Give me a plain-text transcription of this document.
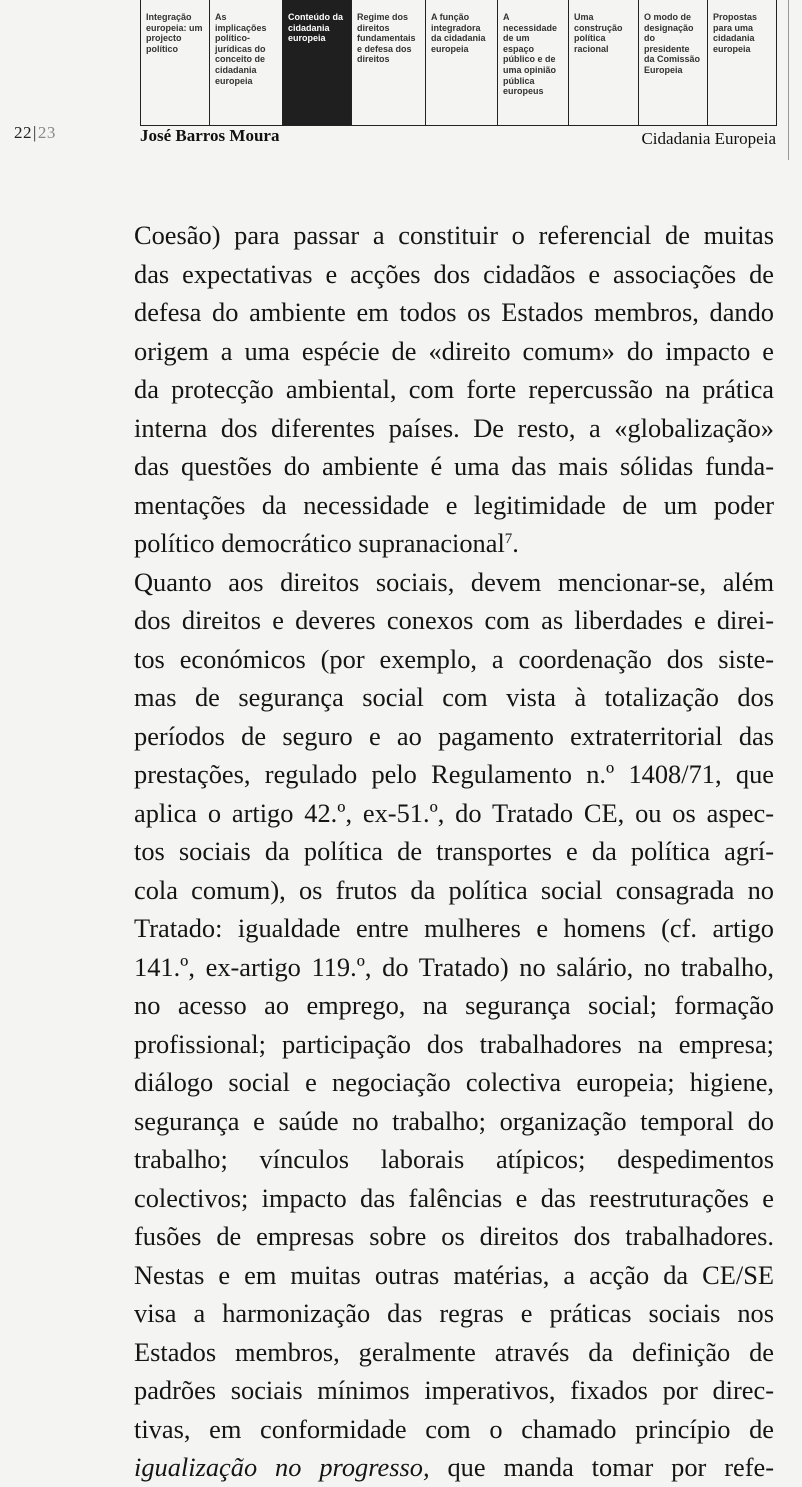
Integração
europeia: um
projecto
político
As
implicações
político-
jurídicas do
conceito de
cidadania
europeia
Conteúdo da
cidadania
europeia
Regime dos
direitos
fundamentais
e defesa dos
direitos
A função
integradora
da cidadania
europeia
A
necessidade
de um
espaço
público e de
uma opinião
pública
europeus
Uma
construção
política
racional
O modo de
designação
do
presidente
da Comissão
Europeia
Propostas
para uma
cidadania
europeia
22|23	José Barros Moura	Cidadania Europeia
Coesão) para passar a constituir o referencial de muitas
das expectativas e acções dos cidadãos e associações de
defesa do ambiente em todos os Estados membros, dando
origem a uma espécie de «direito comum» do impacto e
da protecção ambiental, com forte repercussão na prática
interna dos diferentes países. De resto, a «globalização»
das questões do ambiente é uma das mais sólidas funda-
mentações da necessidade e legitimidade de um poder
político democrático supranacional$^7$.
Quanto aos direitos sociais, devem mencionar-se, além
dos direitos e deveres conexos com as liberdades e direi-
tos económicos (por exemplo, a coordenação dos siste-
mas de segurança social com vista à totalização dos
períodos de seguro e ao pagamento extraterritorial das
prestações, regulado pelo Regulamento n.º 1408/71, que
aplica o artigo 42.º, ex-51.º, do Tratado CE, ou os aspec-
tos sociais da política de transportes e da política agrí-
cola comum), os frutos da política social consagrada no
Tratado: igualdade entre mulheres e homens (cf. artigo
141.º, ex-artigo 119.º, do Tratado) no salário, no trabalho,
no acesso ao emprego, na segurança social; formação
profissional; participação dos trabalhadores na empresa;
diálogo social e negociação colectiva europeia; higiene,
segurança e saúde no trabalho; organização temporal do
trabalho; vínculos laborais atípicos; despedimentos
colectivos; impacto das falências e das reestruturações e
fusões de empresas sobre os direitos dos trabalhadores.
Nestas e em muitas outras matérias, a acção da CE/SE
visa a harmonização das regras e práticas sociais nos
Estados membros, geralmente através da definição de
padrões sociais mínimos imperativos, fixados por direc-
tivas, em conformidade com o chamado princípio de
igualização no progresso, que manda tomar por refe-
